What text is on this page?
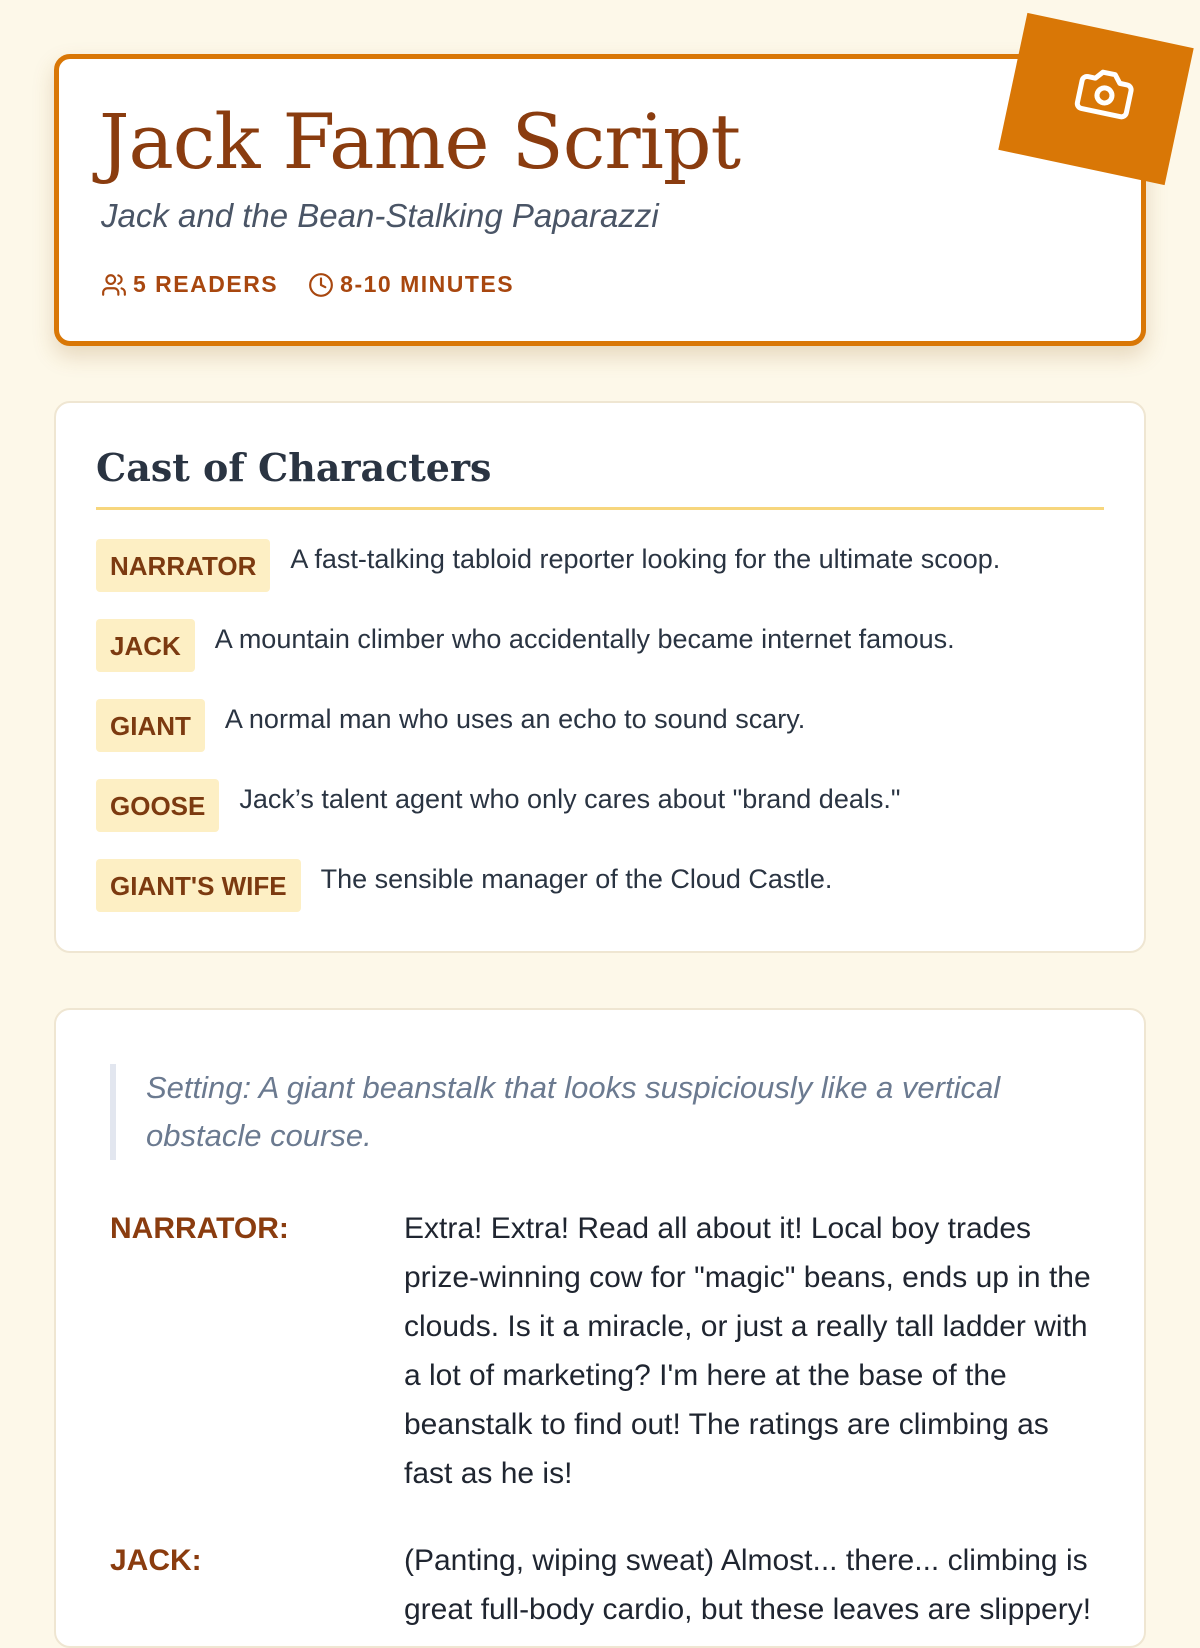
Jack Fame Script
Jack and the Bean-Stalking Paparazzi
5 READERS	8-10 MINUTES
Cast of Characters
NARRATOR	A fast-talking tabloid reporter looking for the ultimate scoop.
JACK	A mountain climber who accidentally became internet famous.
GIANT	A normal man who uses an echo to sound scary.
GOOSE	Jack’s talent agent who only cares about "brand deals."
GIANT'S WIFE	The sensible manager of the Cloud Castle.
Setting: A giant beanstalk that looks suspiciously like a vertical obstacle course.
NARRATOR:	Extra! Extra! Read all about it! Local boy trades prize-winning cow for "magic" beans, ends up in the clouds. Is it a miracle, or just a really tall ladder with a lot of marketing? I'm here at the base of the beanstalk to find out! The ratings are climbing as fast as he is!
JACK:	(Panting, wiping sweat) Almost... there... climbing is great full-body cardio, but these leaves are slippery!
